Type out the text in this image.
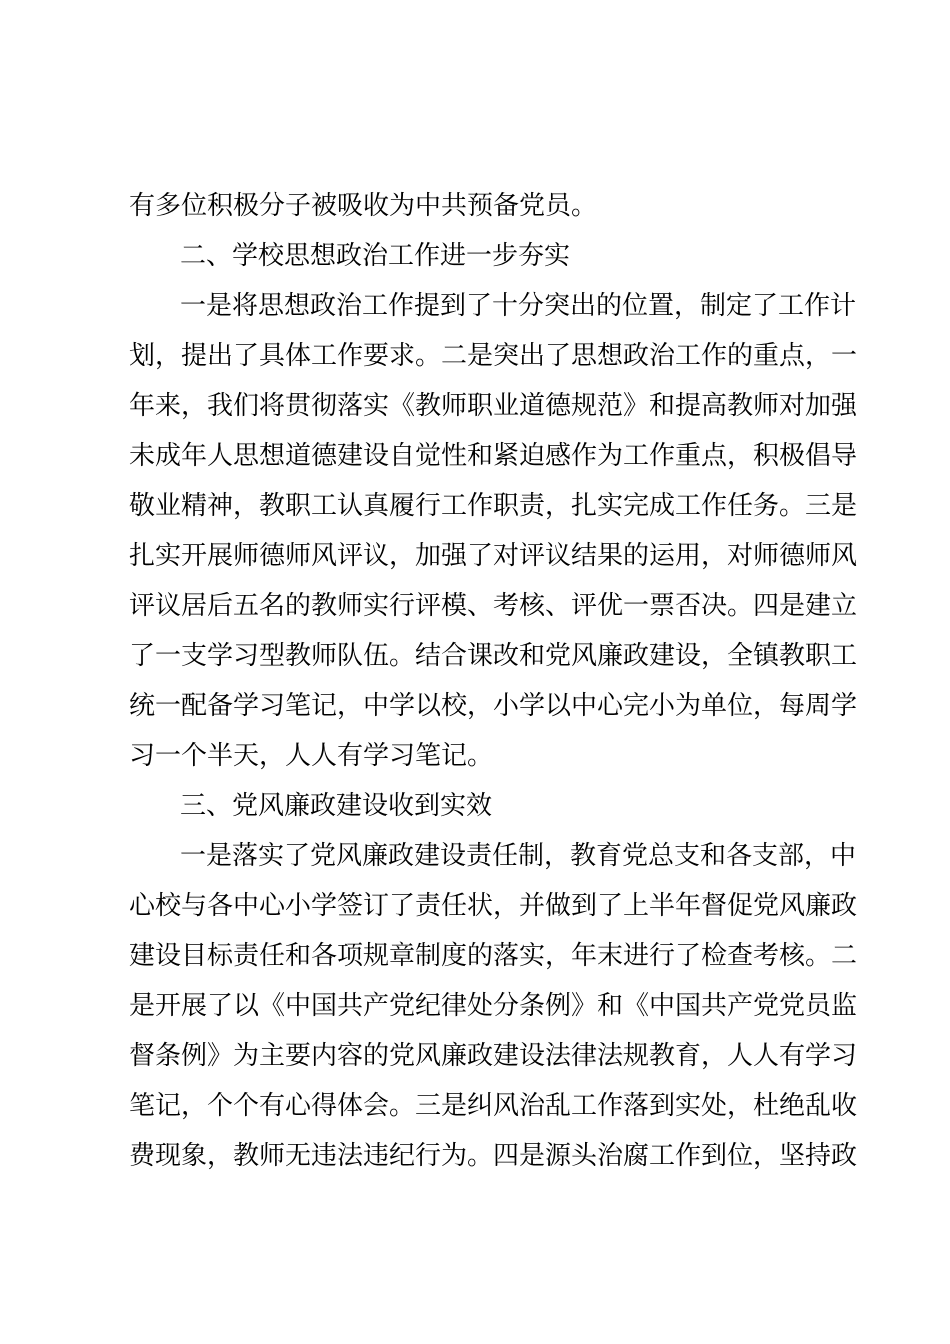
有多位积极分子被吸收为中共预备党员。
二、学校思想政治工作进一步夯实
一是将思想政治工作提到了十分突出的位置，制定了工作计
划，提出了具体工作要求。二是突出了思想政治工作的重点，一
年来，我们将贯彻落实《教师职业道德规范》和提高教师对加强
未成年人思想道德建设自觉性和紧迫感作为工作重点，积极倡导
敬业精神，教职工认真履行工作职责，扎实完成工作任务。三是
扎实开展师德师风评议，加强了对评议结果的运用，对师德师风
评议居后五名的教师实行评模、考核、评优一票否决。四是建立
了一支学习型教师队伍。结合课改和党风廉政建设，全镇教职工
统一配备学习笔记，中学以校，小学以中心完小为单位，每周学
习一个半天，人人有学习笔记。
三、党风廉政建设收到实效
一是落实了党风廉政建设责任制，教育党总支和各支部，中
心校与各中心小学签订了责任状，并做到了上半年督促党风廉政
建设目标责任和各项规章制度的落实，年末进行了检查考核。二
是开展了以《中国共产党纪律处分条例》和《中国共产党党员监
督条例》为主要内容的党风廉政建设法律法规教育，人人有学习
笔记，个个有心得体会。三是纠风治乱工作落到实处，杜绝乱收
费现象，教师无违法违纪行为。四是源头治腐工作到位，坚持政
